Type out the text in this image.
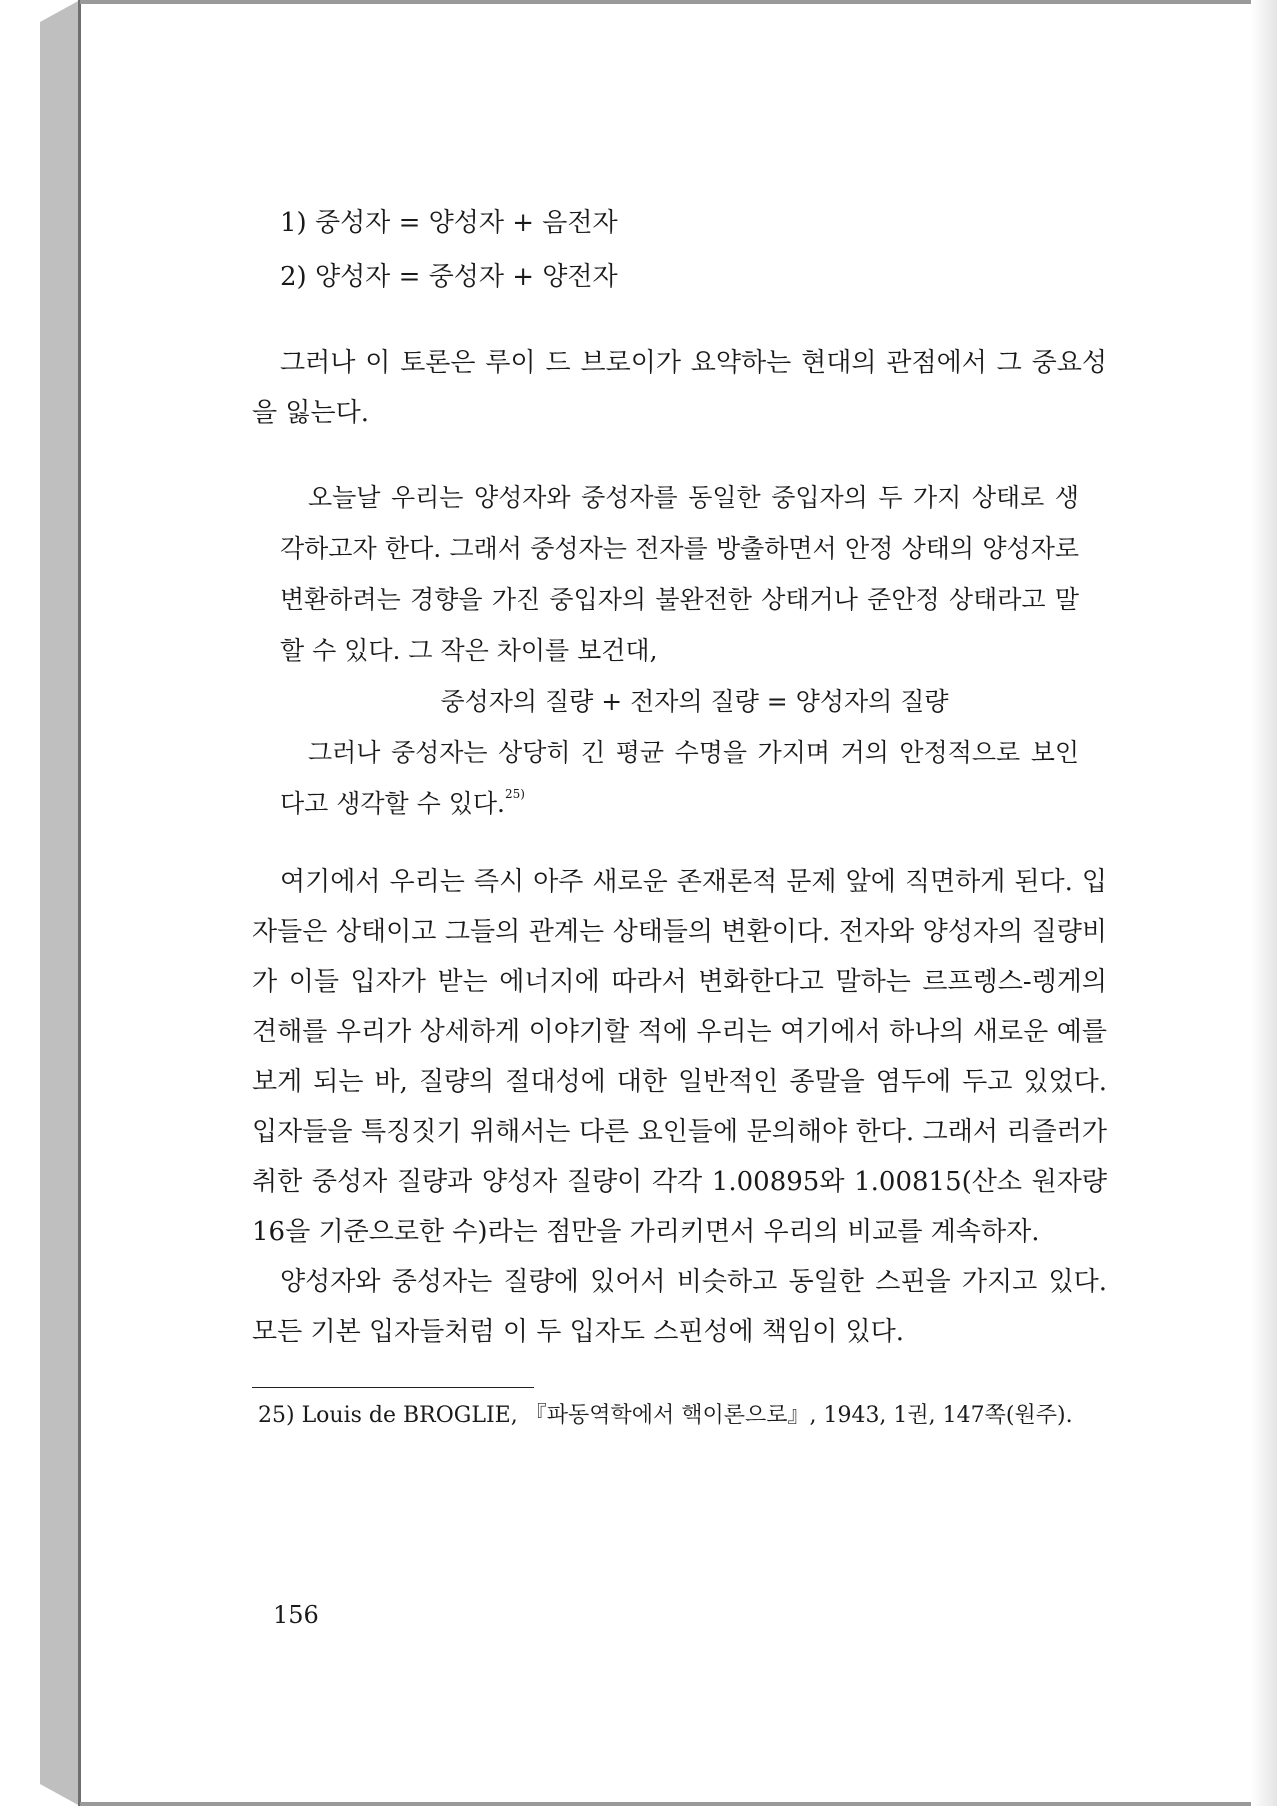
1) 중성자 = 양성자 + 음전자
2) 양성자 = 중성자 + 양전자

그러나 이 토론은 루이 드 브로이가 요약하는 현대의 관점에서 그 중요성을 잃는다.

오늘날 우리는 양성자와 중성자를 동일한 중입자의 두 가지 상태로 생각하고자 한다. 그래서 중성자는 전자를 방출하면서 안정 상태의 양성자로 변환하려는 경향을 가진 중입자의 불완전한 상태거나 준안정 상태라고 말할 수 있다. 그 작은 차이를 보건대,

중성자의 질량 + 전자의 질량 = 양성자의 질량

그러나 중성자는 상당히 긴 평균 수명을 가지며 거의 안정적으로 보인다고 생각할 수 있다.$^{25)}$

여기에서 우리는 즉시 아주 새로운 존재론적 문제 앞에 직면하게 된다. 입자들은 상태이고 그들의 관계는 상태들의 변환이다. 전자와 양성자의 질량비가 이들 입자가 받는 에너지에 따라서 변화한다고 말하는 르프렝스-렝게의 견해를 우리가 상세하게 이야기할 적에 우리는 여기에서 하나의 새로운 예를 보게 되는 바, 질량의 절대성에 대한 일반적인 종말을 염두에 두고 있었다. 입자들을 특징짓기 위해서는 다른 요인들에 문의해야 한다. 그래서 리즐러가 취한 중성자 질량과 양성자 질량이 각각 1.00895와 1.00815(산소 원자량 16을 기준으로한 수)라는 점만을 가리키면서 우리의 비교를 계속하자.

양성자와 중성자는 질량에 있어서 비슷하고 동일한 스핀을 가지고 있다. 모든 기본 입자들처럼 이 두 입자도 스핀성에 책임이 있다.

25) Louis de BROGLIE, 『파동역학에서 핵이론으로』, 1943, 1권, 147쪽(원주).
156
